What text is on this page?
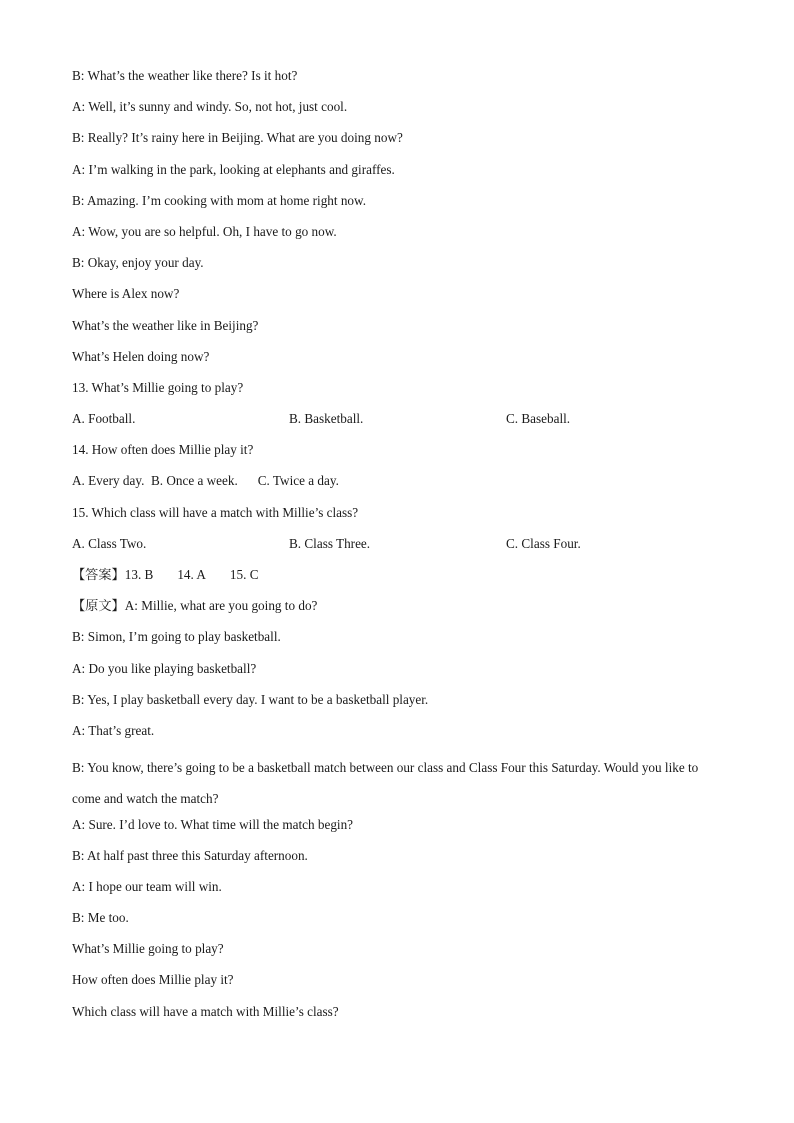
B: What’s the weather like there? Is it hot?
A: Well, it’s sunny and windy. So, not hot, just cool.
B: Really? It’s rainy here in Beijing. What are you doing now?
A: I’m walking in the park, looking at elephants and giraffes.
B: Amazing. I’m cooking with mom at home right now.
A: Wow, you are so helpful. Oh, I have to go now.
B: Okay, enjoy your day.
Where is Alex now?
What’s the weather like in Beijing?
What’s Helen doing now?
13. What’s Millie going to play?
A. Football.	B. Basketball.	C. Baseball.
14. How often does Millie play it?
A. Every day. B. Once a week. C. Twice a day.
15. Which class will have a match with Millie’s class?
A. Class Two.	B. Class Three.	C. Class Four.
【答案】13. B 14. A 15. C
【原文】A: Millie, what are you going to do?
B: Simon, I’m going to play basketball.
A: Do you like playing basketball?
B: Yes, I play basketball every day. I want to be a basketball player.
A: That’s great.
B: You know, there’s going to be a basketball match between our class and Class Four this Saturday. Would you like to come and watch the match?
A: Sure. I’d love to. What time will the match begin?
B: At half past three this Saturday afternoon.
A: I hope our team will win.
B: Me too.
What’s Millie going to play?
How often does Millie play it?
Which class will have a match with Millie’s class?
